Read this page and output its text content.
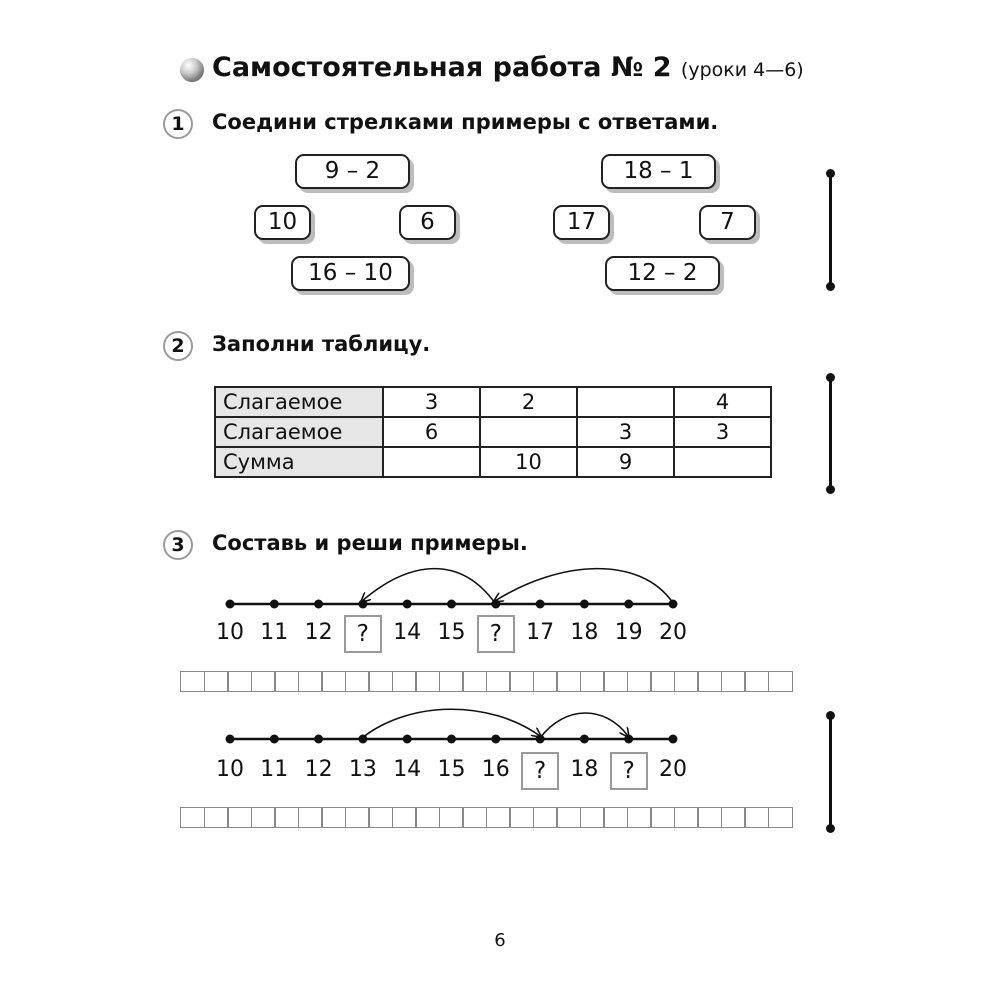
Самостоятельная работа № 2 (уроки 4—6)
1	Соедини стрелками примеры с ответами.
9 – 2
10	6
16 – 10
18 – 1
17	7
12 – 2
2	Заполни таблицу.
Слагаемое	3	2		4
Слагаемое	6		3	3
Сумма		10	9	
3	Составь и реши примеры.
10 11 12	?	14 15	?	17 18 19 20
10 11 12 13 14 15 16	?	18	?	20
6
